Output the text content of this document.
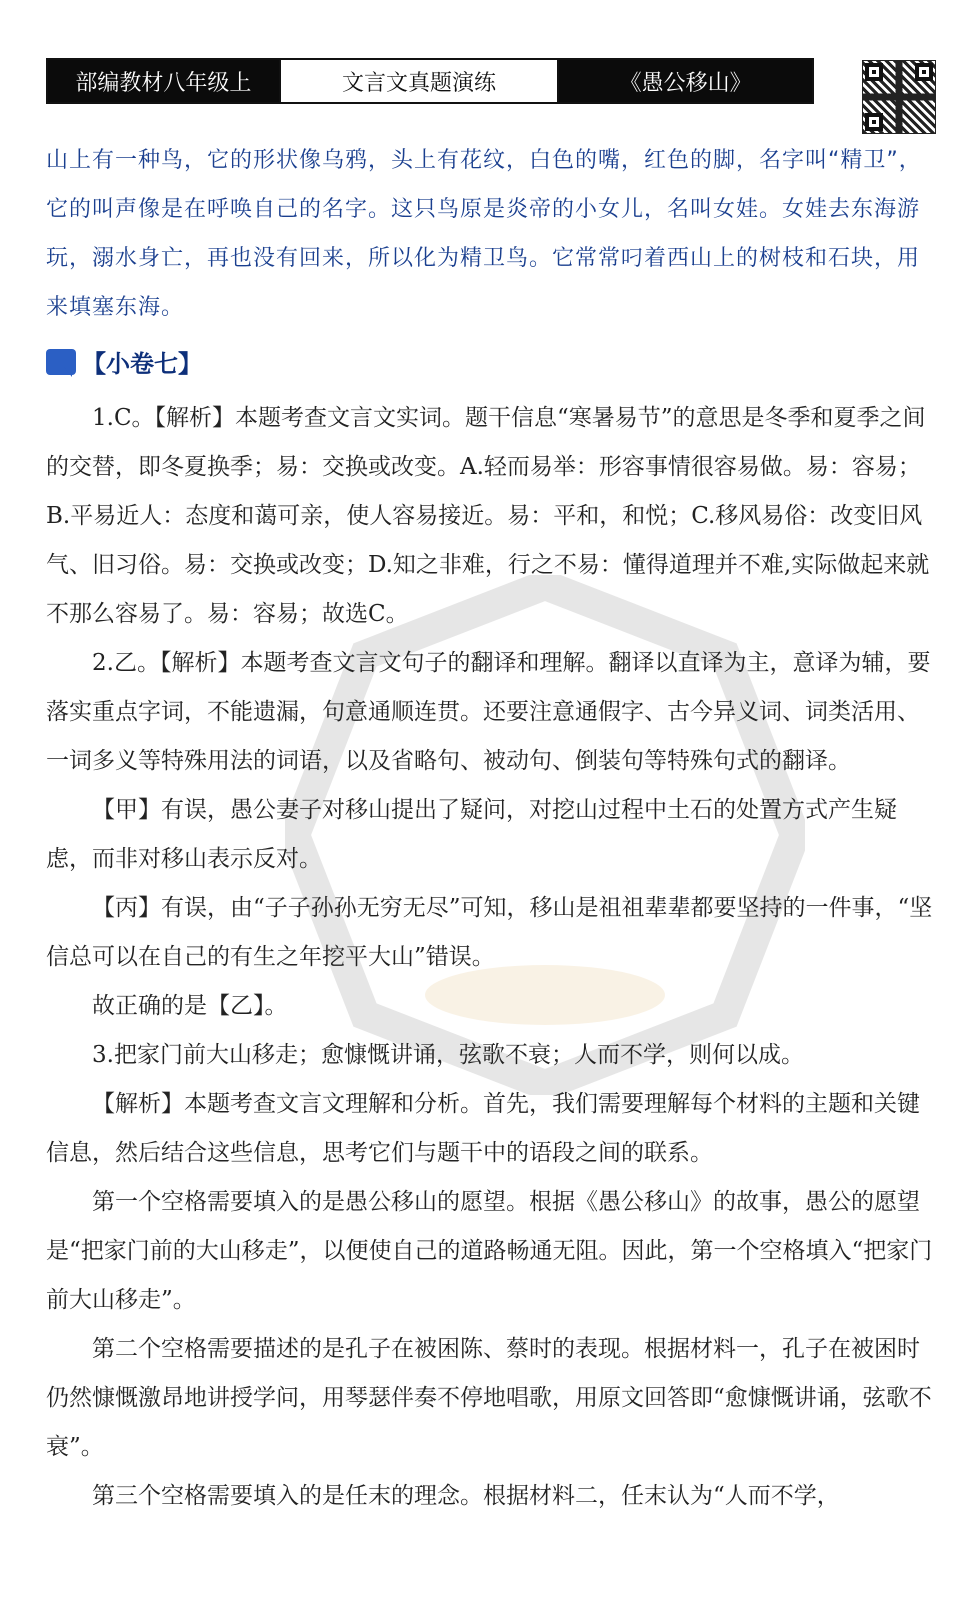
部编教材八年级上	文言文真题演练	《愚公移山》
山上有一种鸟，它的形状像乌鸦，头上有花纹，白色的嘴，红色的脚，名字叫“精卫”，它的叫声像是在呼唤自己的名字。这只鸟原是炎帝的小女儿，名叫女娃。女娃去东海游玩，溺水身亡，再也没有回来，所以化为精卫鸟。它常常叼着西山上的树枝和石块，用来填塞东海。
【小卷七】

1.C。【解析】本题考查文言文实词。题干信息“寒暑易节”的意思是冬季和夏季之间的交替，即冬夏换季；易：交换或改变。A.轻而易举：形容事情很容易做。易：容易；B.平易近人：态度和蔼可亲，使人容易接近。易：平和，和悦；C.移风易俗：改变旧风气、旧习俗。易：交换或改变；D.知之非难，行之不易：懂得道理并不难,实际做起来就不那么容易了。易：容易；故选C。

2.乙。【解析】本题考查文言文句子的翻译和理解。翻译以直译为主，意译为辅，要落实重点字词，不能遗漏，句意通顺连贯。还要注意通假字、古今异义词、词类活用、一词多义等特殊用法的词语，以及省略句、被动句、倒装句等特殊句式的翻译。

【甲】有误，愚公妻子对移山提出了疑问，对挖山过程中土石的处置方式产生疑虑，而非对移山表示反对。

【丙】有误，由“子子孙孙无穷无尽”可知，移山是祖祖辈辈都要坚持的一件事，“坚信总可以在自己的有生之年挖平大山”错误。

故正确的是【乙】。

3.把家门前大山移走；愈慷慨讲诵，弦歌不衰；人而不学，则何以成。

【解析】本题考查文言文理解和分析。首先，我们需要理解每个材料的主题和关键信息，然后结合这些信息，思考它们与题干中的语段之间的联系。

第一个空格需要填入的是愚公移山的愿望。根据《愚公移山》的故事，愚公的愿望是“把家门前的大山移走”，以便使自己的道路畅通无阻。因此，第一个空格填入“把家门前大山移走”。

第二个空格需要描述的是孔子在被困陈、蔡时的表现。根据材料一，孔子在被困时仍然慷慨激昂地讲授学问，用琴瑟伴奏不停地唱歌，用原文回答即“愈慷慨讲诵，弦歌不衰”。

第三个空格需要填入的是任末的理念。根据材料二，任末认为“人而不学，
